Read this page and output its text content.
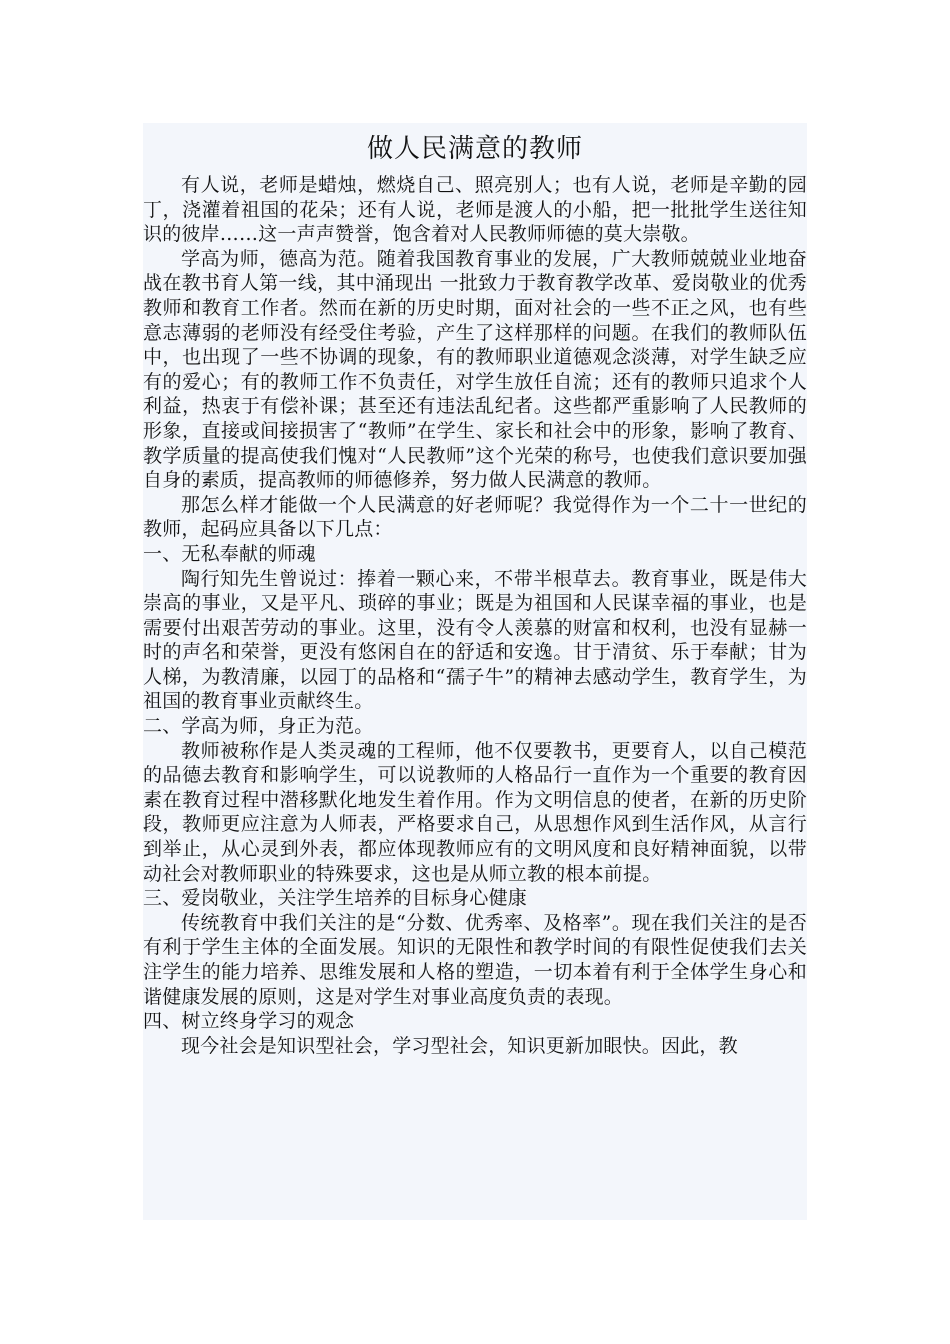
做人民满意的教师

有人说，老师是蜡烛，燃烧自己、照亮别人；也有人说，老师是辛勤的园丁，浇灌着祖国的花朵；还有人说，老师是渡人的小船，把一批批学生送往知识的彼岸……这一声声赞誉，饱含着对人民教师师德的莫大崇敬。

学高为师，德高为范。随着我国教育事业的发展，广大教师兢兢业业地奋战在教书育人第一线，其中涌现出 一批致力于教育教学改革、爱岗敬业的优秀教师和教育工作者。然而在新的历史时期，面对社会的一些不正之风，也有些意志薄弱的老师没有经受住考验，产生了这样那样的问题。在我们的教师队伍中，也出现了一些不协调的现象，有的教师职业道德观念淡薄，对学生缺乏应有的爱心；有的教师工作不负责任，对学生放任自流；还有的教师只追求个人利益，热衷于有偿补课；甚至还有违法乱纪者。这些都严重影响了人民教师的形象，直接或间接损害了“教师”在学生、家长和社会中的形象，影响了教育、教学质量的提高使我们愧对“人民教师”这个光荣的称号，也使我们意识要加强自身的素质，提高教师的师德修养，努力做人民满意的教师。

那怎么样才能做一个人民满意的好老师呢？我觉得作为一个二十一世纪的教师，起码应具备以下几点：

一、无私奉献的师魂

陶行知先生曾说过：捧着一颗心来，不带半根草去。教育事业，既是伟大崇高的事业，又是平凡、琐碎的事业；既是为祖国和人民谋幸福的事业，也是需要付出艰苦劳动的事业。这里，没有令人羡慕的财富和权利，也没有显赫一时的声名和荣誉，更没有悠闲自在的舒适和安逸。甘于清贫、乐于奉献；甘为人梯，为教清廉，以园丁的品格和“孺子牛”的精神去感动学生，教育学生，为祖国的教育事业贡献终生。

二、学高为师，身正为范。

教师被称作是人类灵魂的工程师，他不仅要教书，更要育人，以自己模范的品德去教育和影响学生，可以说教师的人格品行一直作为一个重要的教育因素在教育过程中潜移默化地发生着作用。作为文明信息的使者，在新的历史阶段，教师更应注意为人师表，严格要求自己，从思想作风到生活作风，从言行到举止，从心灵到外表，都应体现教师应有的文明风度和良好精神面貌，以带动社会对教师职业的特殊要求，这也是从师立教的根本前提。

三、爱岗敬业，关注学生培养的目标身心健康

传统教育中我们关注的是“分数、优秀率、及格率”。现在我们关注的是否有利于学生主体的全面发展。知识的无限性和教学时间的有限性促使我们去关注学生的能力培养、思维发展和人格的塑造，一切本着有利于全体学生身心和谐健康发展的原则，这是对学生对事业高度负责的表现。

四、树立终身学习的观念

现今社会是知识型社会，学习型社会，知识更新加眼快。因此，教
